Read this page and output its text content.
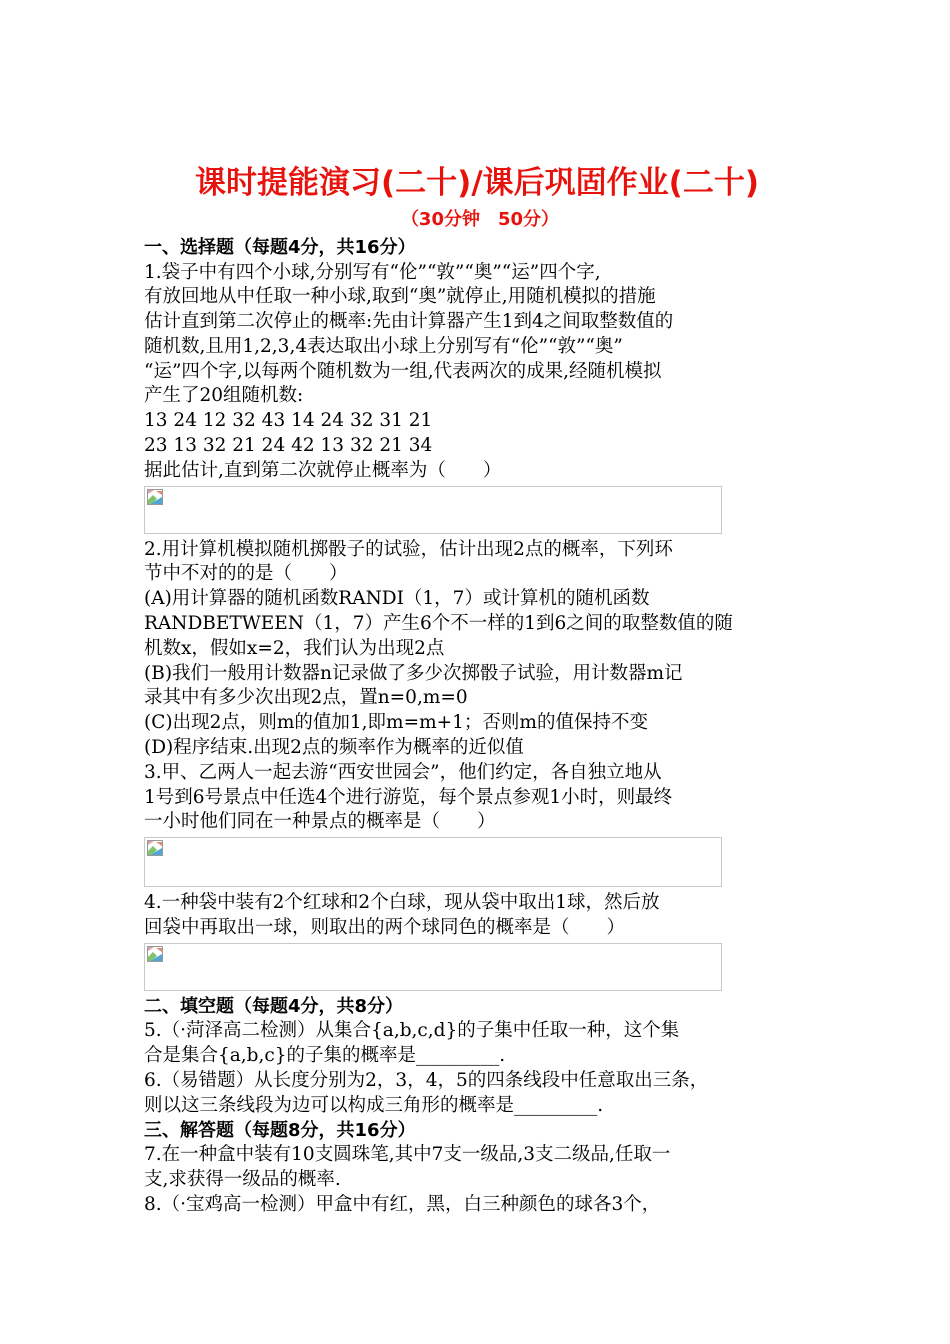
课时提能演习(二十)/课后巩固作业(二十)
（30分钟　50分）
一、选择题（每题4分，共16分）
1.袋子中有四个小球,分别写有“伦”“敦”“奥”“运”四个字,
有放回地从中任取一种小球,取到“奥”就停止,用随机模拟的措施
估计直到第二次停止的概率:先由计算器产生1到4之间取整数值的
随机数,且用1,2,3,4表达取出小球上分别写有“伦”“敦”“奥”
“运”四个字,以每两个随机数为一组,代表两次的成果,经随机模拟
产生了20组随机数:
13 24 12 32 43 14 24 32 31 21
23 13 32 21 24 42 13 32 21 34
据此估计,直到第二次就停止概率为（　　）
2.用计算机模拟随机掷骰子的试验，估计出现2点的概率，下列环
节中不对的的是（　　）
(A)用计算器的随机函数RANDI（1，7）或计算机的随机函数
RANDBETWEEN（1，7）产生6个不一样的1到6之间的取整数值的随
机数x，假如x=2，我们认为出现2点
(B)我们一般用计数器n记录做了多少次掷骰子试验，用计数器m记
录其中有多少次出现2点，置n=0,m=0
(C)出现2点，则m的值加1,即m=m+1；否则m的值保持不变
(D)程序结束.出现2点的频率作为概率的近似值
3.甲、乙两人一起去游“西安世园会”，他们约定，各自独立地从
1号到6号景点中任选4个进行游览，每个景点参观1小时，则最终
一小时他们同在一种景点的概率是（　　）
4.一种袋中装有2个红球和2个白球，现从袋中取出1球，然后放
回袋中再取出一球，则取出的两个球同色的概率是（　　）
二、填空题（每题4分，共8分）
5.（·菏泽高二检测）从集合{a,b,c,d}的子集中任取一种，这个集
合是集合{a,b,c}的子集的概率是_________.
6.（易错题）从长度分别为2，3，4，5的四条线段中任意取出三条，
则以这三条线段为边可以构成三角形的概率是_________.
三、解答题（每题8分，共16分）
7.在一种盒中装有10支圆珠笔,其中7支一级品,3支二级品,任取一
支,求获得一级品的概率.
8.（·宝鸡高一检测）甲盒中有红，黑，白三种颜色的球各3个，
